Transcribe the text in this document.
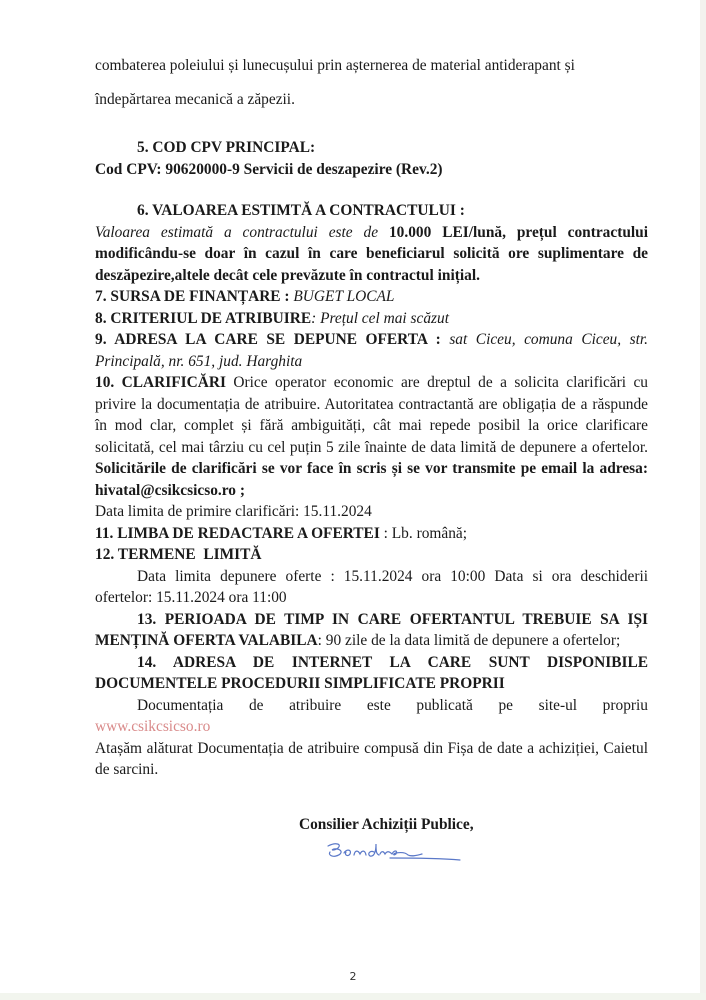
combaterea poleiului și lunecușului prin așternerea de material antiderapant și

îndepărtarea mecanică a zăpezii.

5. COD CPV PRINCIPAL:

Cod CPV: 90620000-9 Servicii de deszapezire (Rev.2)

6. VALOAREA ESTIMTĂ A CONTRACTULUI :

Valoarea estimată a contractului este de 10.000 LEI/lună, prețul contractului modificându-se doar în cazul în care beneficiarul solicită ore suplimentare de deszăpezire,altele decât cele prevăzute în contractul inițial.

7. SURSA DE FINANȚARE : BUGET LOCAL

8. CRITERIUL DE ATRIBUIRE: Prețul cel mai scăzut

9. ADRESA LA CARE SE DEPUNE OFERTA : sat Ciceu, comuna Ciceu, str. Principală, nr. 651, jud. Harghita

10. CLARIFICĂRI Orice operator economic are dreptul de a solicita clarificări cu privire la documentația de atribuire. Autoritatea contractantă are obligația de a răspunde în mod clar, complet și fără ambiguități, cât mai repede posibil la orice clarificare solicitată, cel mai târziu cu cel puțin 5 zile înainte de data limită de depunere a ofertelor. Solicitările de clarificări se vor face în scris și se vor transmite pe email la adresa: hivatal@csikcsicso.ro ;

Data limita de primire clarificări: 15.11.2024

11. LIMBA DE REDACTARE A OFERTEI : Lb. română;

12. TERMENE  LIMITĂ

Data limita depunere oferte : 15.11.2024 ora 10:00 Data si ora deschiderii ofertelor: 15.11.2024 ora 11:00

13. PERIOADA DE TIMP IN CARE OFERTANTUL TREBUIE SA IȘI MENȚINĂ OFERTA VALABILA: 90 zile de la data limită de depunere a ofertelor;

14. ADRESA DE INTERNET LA CARE SUNT DISPONIBILE DOCUMENTELE PROCEDURII SIMPLIFICATE PROPRII

Documentația de atribuire este publicată pe site-ul propriu

www.csikcsicso.ro

Atașăm alăturat Documentația de atribuire compusă din Fișa de date a achiziției, Caietul de sarcini.

Consilier Achiziții Publice,
2
